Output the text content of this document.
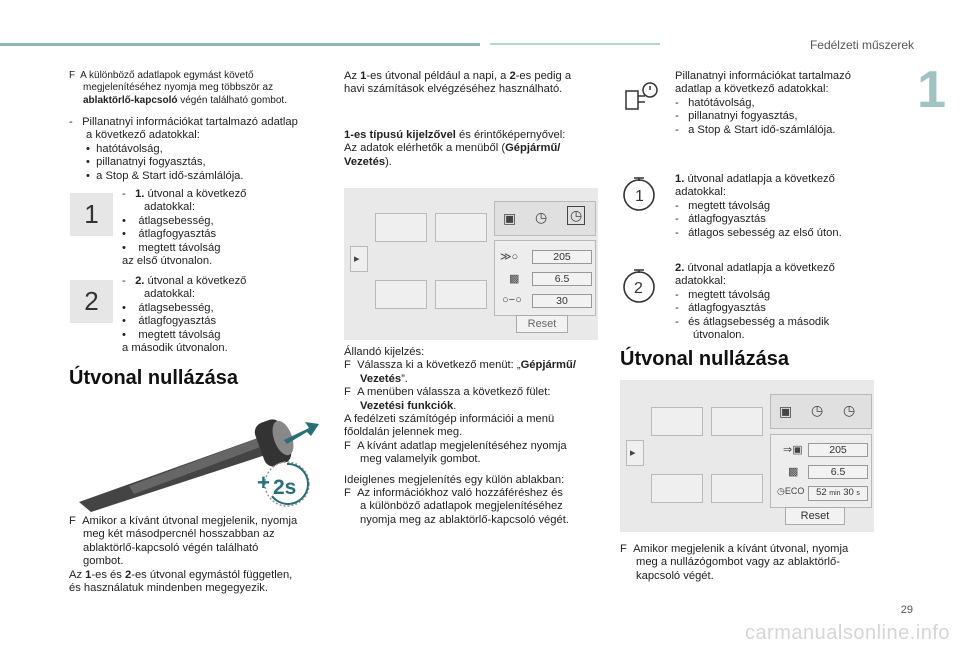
Fedélzeti műszerek
1
F A különböző adatlapok egymást követő
megjelenítéséhez nyomja meg többször az
ablaktörlő-kapcsoló végén található gombot.
- Pillanatnyi információkat tartalmazó adatlap
a következő adatokkal:
• hatótávolság,
• pillanatnyi fogyasztás,
• a Stop & Start idő-számlálója.
1
- 1. útvonal a következő
adatokkal:
• átlagsebesség,
• átlagfogyasztás
• megtett távolság
az első útvonalon.
2
- 2. útvonal a következő
adatokkal:
• átlagsebesség,
• átlagfogyasztás
• megtett távolság
a második útvonalon.
Útvonal nullázása
+ 2s
F Amikor a kívánt útvonal megjelenik, nyomja
meg két másodpercnél hosszabban az
ablaktörlő-kapcsoló végén található
gombot.
Az 1-es és 2-es útvonal egymástól független,
és használatuk mindenben megegyezik.
Az 1-es útvonal például a napi, a 2-es pedig a
havi számítások elvégzéséhez használható.
1-es típusú kijelzővel és érintőképernyővel:
Az adatok elérhetők a menüből (Gépjármű/
Vezetés).
▸
▣ ◷ ◷
≫○
▩
○−○
205
6.5
30
Reset
Állandó kijelzés:
F Válassza ki a következő menüt: „Gépjármű/
Vezetés”.
F A menüben válassza a következő fület:
Vezetési funkciók.
A fedélzeti számítógép információi a menü
főoldalán jelennek meg.
F A kívánt adatlap megjelenítéséhez nyomja
meg valamelyik gombot.
Ideiglenes megjelenítés egy külön ablakban:
F Az információkhoz való hozzáféréshez és
a különböző adatlapok megjelenítéséhez
nyomja meg az ablaktörlő-kapcsoló végét.
Pillanatnyi információkat tartalmazó
adatlap a következő adatokkal:
- hatótávolság,
- pillanatnyi fogyasztás,
- a Stop & Start idő-számlálója.
1
1. útvonal adatlapja a következő
adatokkal:
- megtett távolság
- átlagfogyasztás
- átlagos sebesség az első úton.
2
2. útvonal adatlapja a következő
adatokkal:
- megtett távolság
- átlagfogyasztás
- és átlagsebesség a második
útvonalon.
Útvonal nullázása
▸
▣ ◷ ◷
⇒▣
▩
◷ECO
205
6.5
52 min 30 s
Reset
F Amikor megjelenik a kívánt útvonal, nyomja
meg a nullázógombot vagy az ablaktörlő-
kapcsoló végét.
29
carmanualsonline.info
